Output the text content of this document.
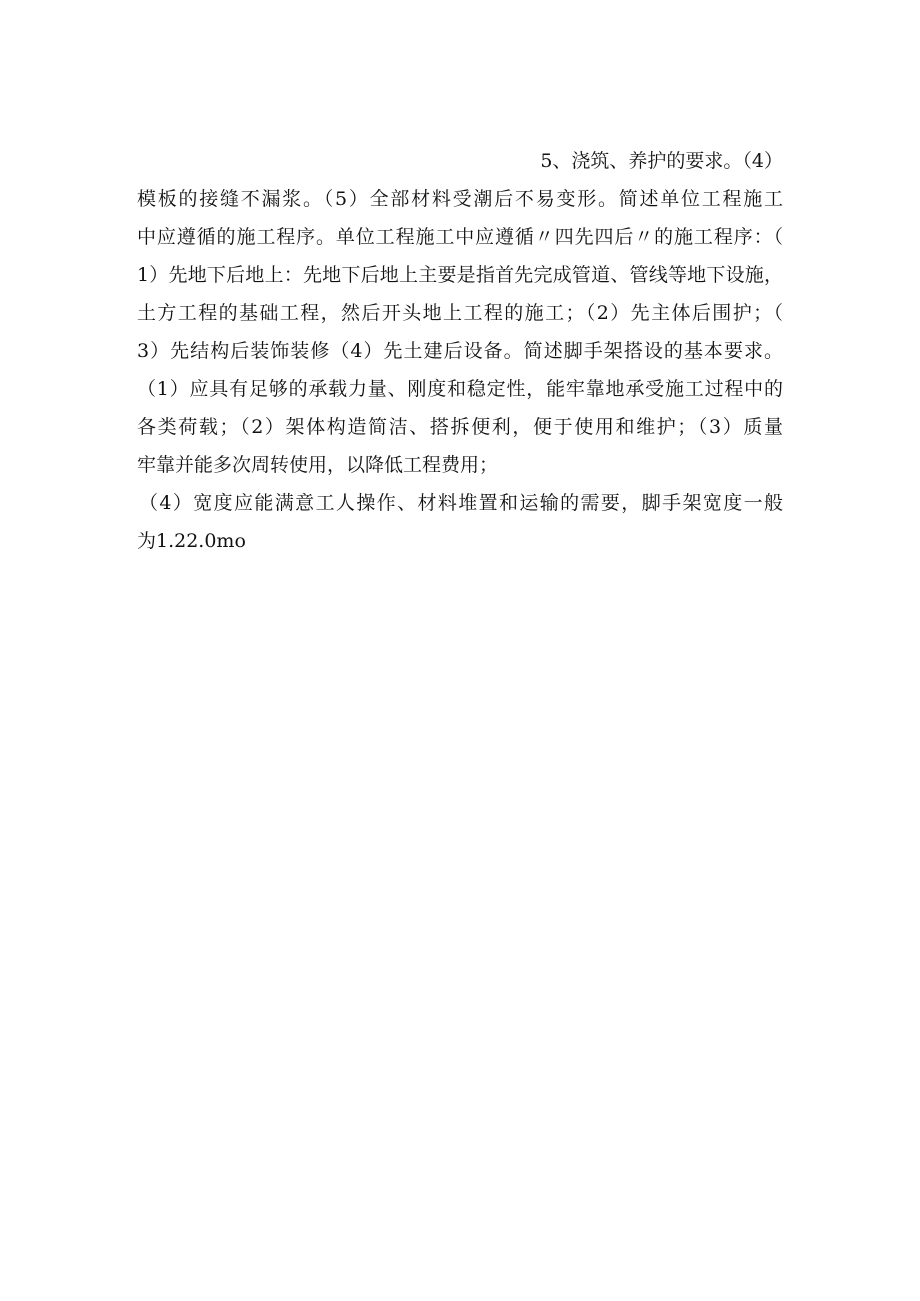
5、浇筑、养护的要求。（4）
模板的接缝不漏浆。（5）全部材料受潮后不易变形。简述单位工程施工
中应遵循的施工程序。单位工程施工中应遵循〃四先四后〃的施工程序：（
1）先地下后地上：先地下后地上主要是指首先完成管道、管线等地下设施，
土方工程的基础工程，然后开头地上工程的施工；（2）先主体后围护；（
3）先结构后装饰装修（4）先土建后设备。简述脚手架搭设的基本要求。
（1）应具有足够的承载力量、刚度和稳定性，能牢靠地承受施工过程中的
各类荷载；（2）架体构造简洁、搭拆便利，便于使用和维护；（3）质量
牢靠并能多次周转使用，以降低工程费用；
（4）宽度应能满意工人操作、材料堆置和运输的需要，脚手架宽度一般
为1.22.0mo
